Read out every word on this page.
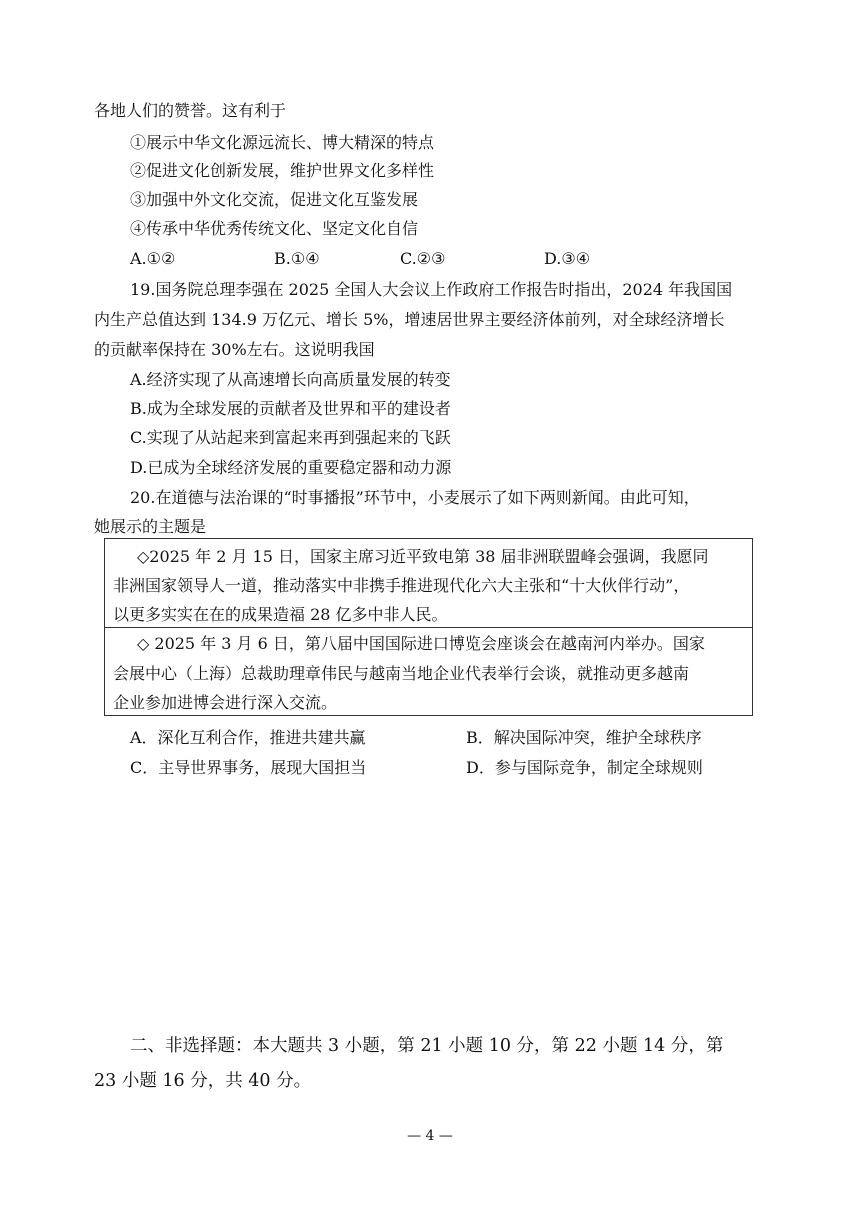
各地人们的赞誉。这有利于
①展示中华文化源远流长、博大精深的特点
②促进文化创新发展，维护世界文化多样性
③加强中外文化交流，促进文化互鉴发展
④传承中华优秀传统文化、坚定文化自信
A.①②	B.①④	C.②③	D.③④
19.国务院总理李强在 2025 全国人大会议上作政府工作报告时指出，2024 年我国国
内生产总值达到 134.9 万亿元、增长 5%，增速居世界主要经济体前列，对全球经济增长
的贡献率保持在 30%左右。这说明我国
A.经济实现了从高速增长向高质量发展的转变
B.成为全球发展的贡献者及世界和平的建设者
C.实现了从站起来到富起来再到强起来的飞跃
D.已成为全球经济发展的重要稳定器和动力源
20.在道德与法治课的“时事播报”环节中，小麦展示了如下两则新闻。由此可知，
她展示的主题是
◇2025 年 2 月 15 日，国家主席习近平致电第 38 届非洲联盟峰会强调，我愿同
非洲国家领导人一道，推动落实中非携手推进现代化六大主张和“十大伙伴行动”，
以更多实实在在的成果造福 28 亿多中非人民。
◇ 2025 年 3 月 6 日，第八届中国国际进口博览会座谈会在越南河内举办。国家
会展中心（上海）总裁助理章伟民与越南当地企业代表举行会谈，就推动更多越南
企业参加进博会进行深入交流。
A．深化互利合作，推进共建共赢	B．解决国际冲突，维护全球秩序
C．主导世界事务，展现大国担当	D．参与国际竞争，制定全球规则
二、非选择题：本大题共 3 小题，第 21 小题 10 分，第 22 小题 14 分，第
23 小题 16 分，共 40 分。
— 4 —
